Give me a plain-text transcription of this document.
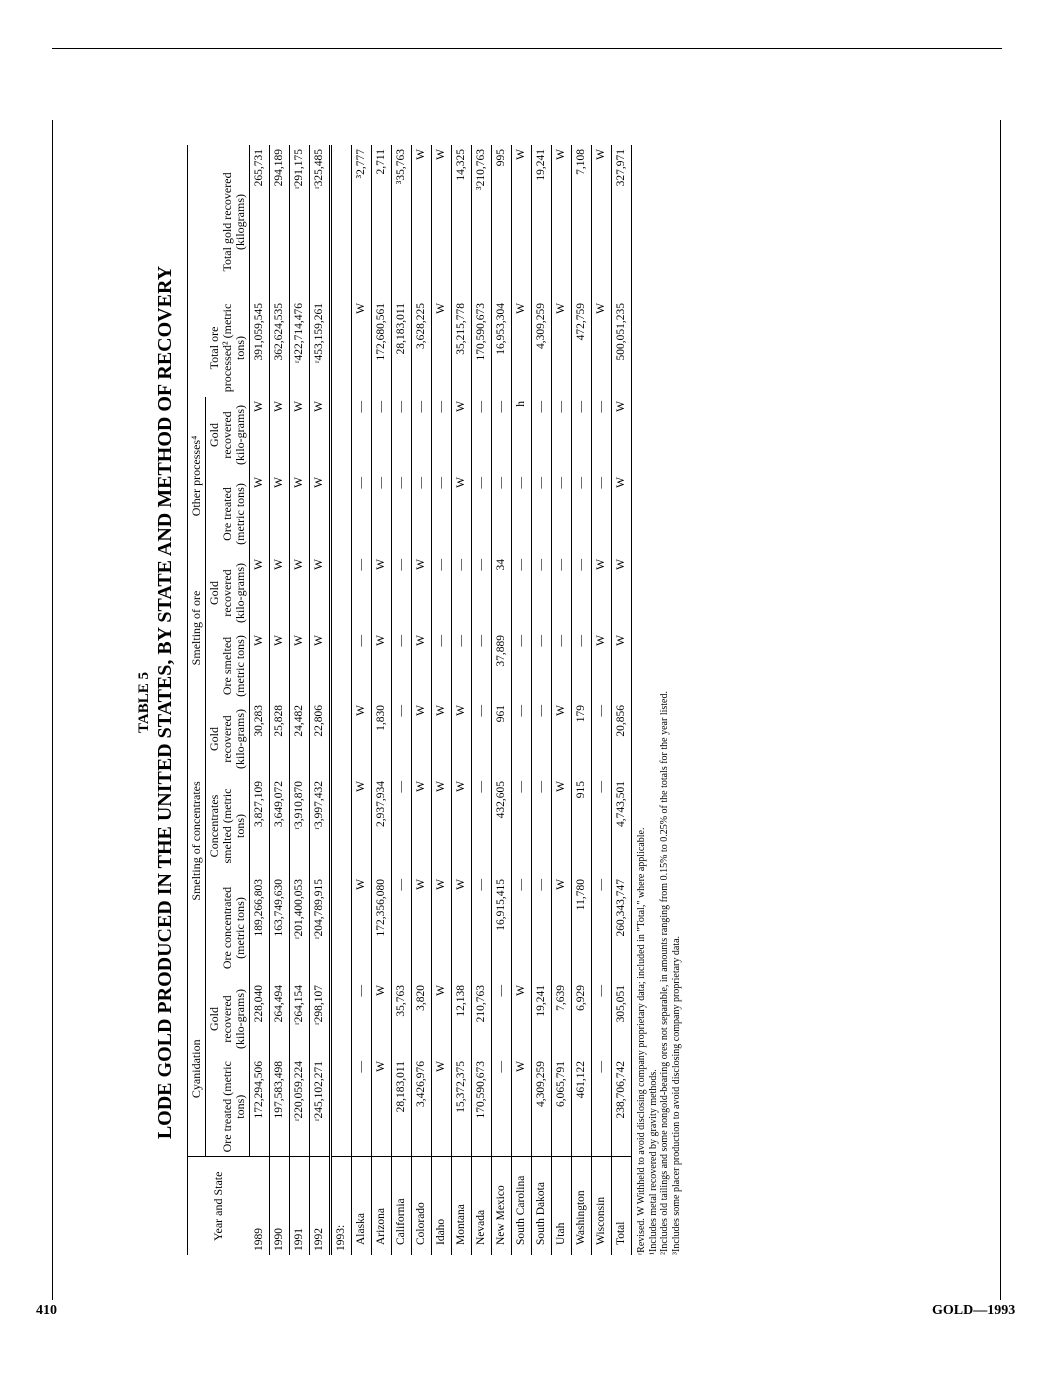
TABLE 5 LODE GOLD PRODUCED IN THE UNITED STATES, BY STATE AND METHOD OF RECOVERY
Year and State	Cyanidation		Smelting of concentrates			Smelting of ore		Other processes⁴		Total ore processed² (metric tons)	Total gold recovered (kilograms)
	Ore treated (metric tons)	Gold recovered (kilo-grams)	Ore concentrated (metric tons)	Concentrates smelted (metric tons)	Gold recovered (kilo-grams)	Ore smelted (metric tons)	Gold recovered (kilo-grams)	Ore treated (metric tons)	Gold recovered (kilo-grams)		
1989	172,294,506	228,040	189,266,803	3,827,109	30,283	W	W	W	W	391,059,545	265,731
1990	197,583,498	264,494	163,749,630	3,649,072	25,828	W	W	W	W	362,624,535	294,189
1991	ʳ220,059,224	ʳ264,154	ʳ201,400,053	ʳ3,910,870	24,482	W	W	W	W	ʳ422,714,476	ʳ291,175
1992	ʳ245,102,271	ʳ298,107	ʳ204,789,915	ʳ3,997,432	22,806	W	W	W	W	ʳ453,159,261	ʳ325,485
1993:											
Alaska	—	—	W	W	W	—	—	—	—	W	³2,777
Arizona	W	W	172,356,080	2,937,934	1,830	W	W	—	—	172,680,561	2,711
California	28,183,011	35,763	—	—	—	—	—	—	—	28,183,011	³35,763
Colorado	3,426,976	3,820	W	W	W	W	W	—	—	3,628,225	W
Idaho	W	W	W	W	W	—	—	—	—	W	W
Montana	15,372,375	12,138	W	W	W	—	—	W	W	35,215,778	14,325
Nevada	170,590,673	210,763	—	—	—	—	—	—	—	170,590,673	³210,763
New Mexico	—	—	16,915,415	432,605	961	37,889	34	—	—	16,953,304	995
South Carolina	W	W	—	—	—	—	—	—	h	W	W
South Dakota	4,309,259	19,241	—	—	—	—	—	—	—	4,309,259	19,241
Utah	6,065,791	7,639	W	W	W	—	—	—	—	W	W
Washington	461,122	6,929	11,780	915	179	—	—	—	—	472,759	7,108
Wisconsin	—	—	—	—	—	W	W	—	—	W	W
Total	238,706,742	305,051	260,343,747	4,743,501	20,856	W	W	W	W	500,051,235	327,971
ʳRevised. W Withheld to avoid disclosing company proprietary data; included in "Total," where applicable. ¹Includes metal recovered by gravity methods. ²Includes old tailings and some nongold-bearing ores not separable, in amounts ranging from 0.15% to 0.25% of the totals for the year listed. ³Includes some placer production to avoid disclosing company proprietary data.
410	GOLD—1993
